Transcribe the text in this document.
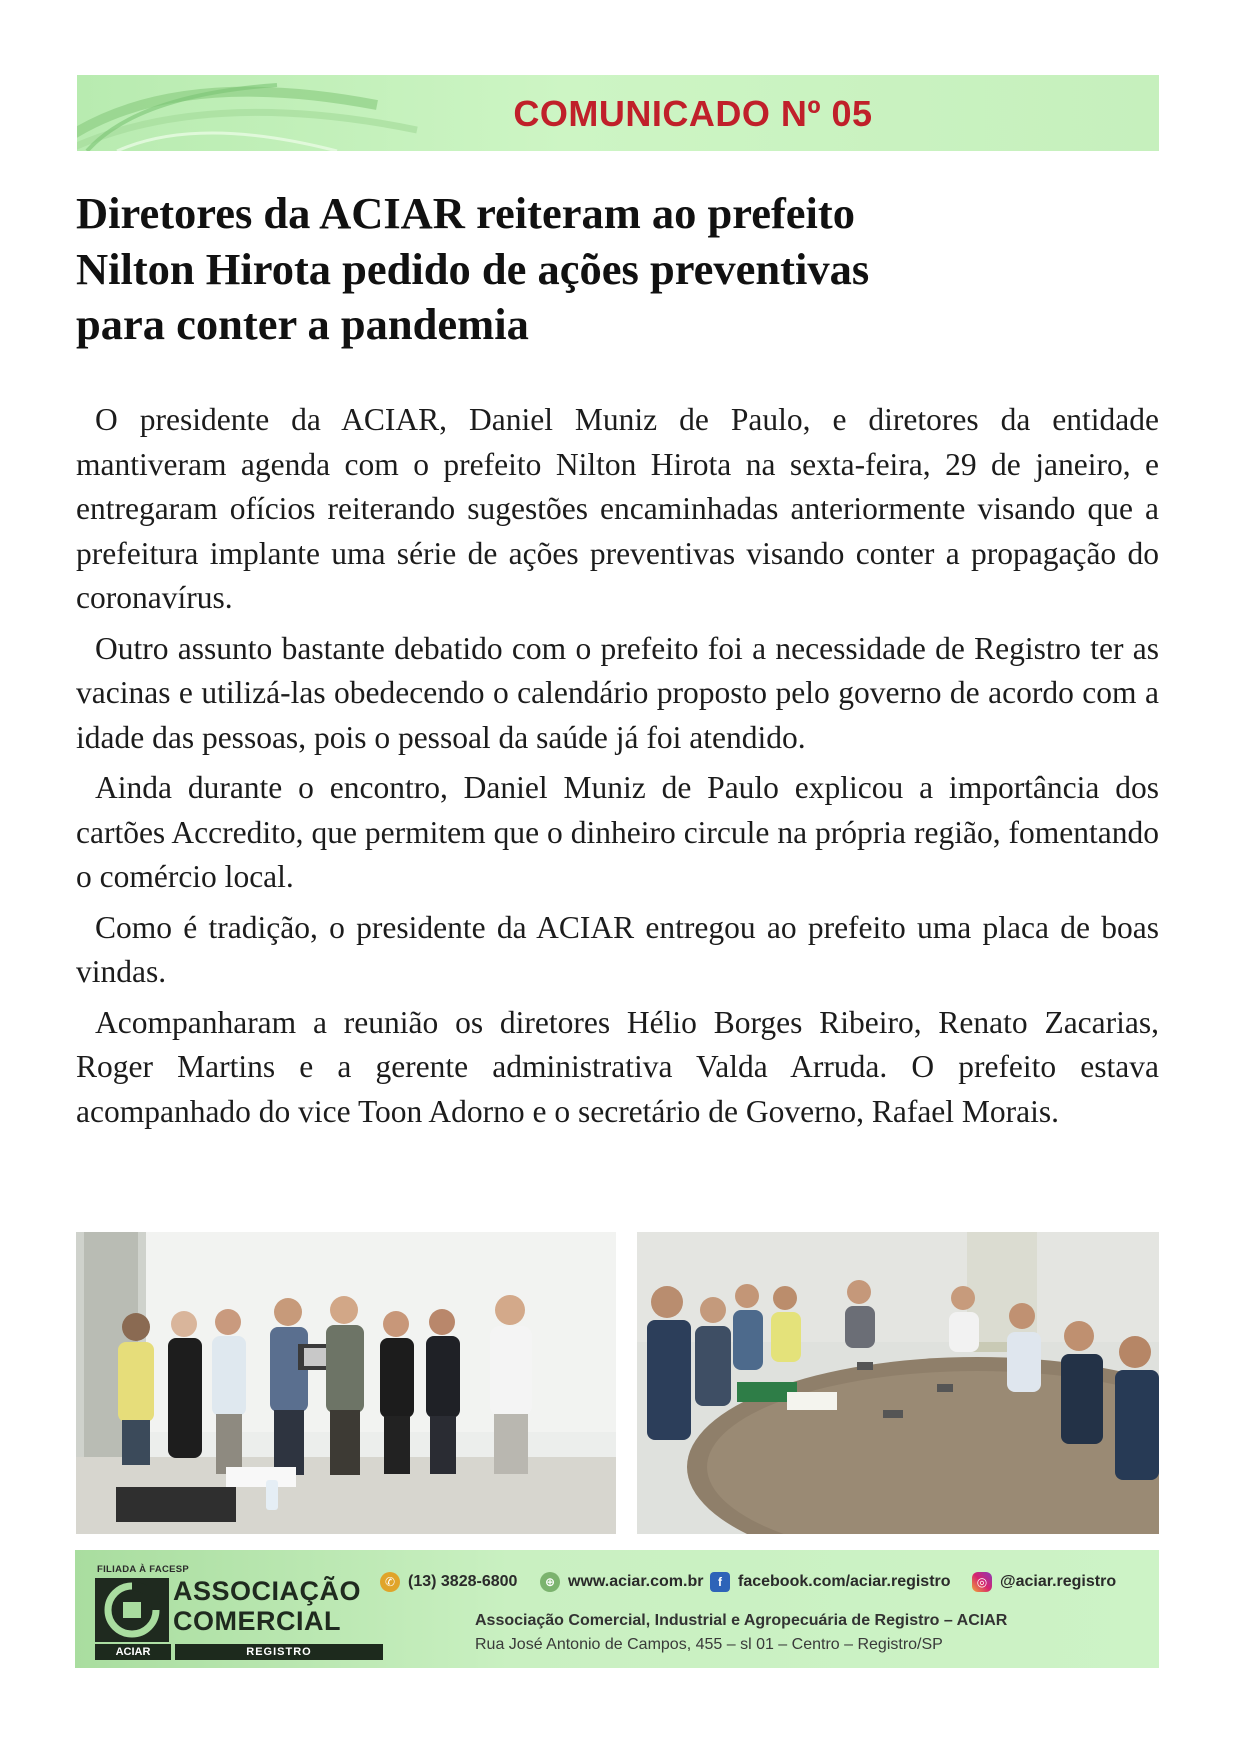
COMUNICADO Nº 05
Diretores da ACIAR reiteram ao prefeito
Nilton Hirota pedido de ações preventivas
para conter a pandemia

O presidente da ACIAR, Daniel Muniz de Paulo, e diretores da entidade mantiveram agenda com o prefeito Nilton Hirota na sexta-feira, 29 de janeiro, e entregaram ofícios reiterando sugestões encaminhadas anteriormente visando que a prefeitura implante uma série de ações preventivas visando conter a propagação do coronavírus.

Outro assunto bastante debatido com o prefeito foi a necessidade de Registro ter as vacinas e utilizá-las obedecendo o calendário proposto pelo governo de acordo com a idade das pessoas, pois o pessoal da saúde já foi atendido.

Ainda durante o encontro, Daniel Muniz de Paulo explicou a importância dos cartões Accredito, que permitem que o dinheiro circule na própria região, fomentando o comércio local.

Como é tradição, o presidente da ACIAR entregou ao prefeito uma placa de boas vindas.

Acompanharam a reunião os diretores Hélio Borges Ribeiro, Renato Zacarias, Roger Martins e a gerente administrativa Valda Arruda. O prefeito estava acompanhado do vice Toon Adorno e o secretário de Governo, Rafael Morais.

FILIADA À FACESP
ASSOCIAÇÃO
COMERCIAL
ACIAR	REGISTRO
✆ (13) 3828-6800	⊕ www.aciar.com.br	f	facebook.com/aciar.registro	◎ @aciar.registro
Associação Comercial, Industrial e Agropecuária de Registro – ACIAR
Rua José Antonio de Campos, 455 – sl 01 – Centro – Registro/SP
